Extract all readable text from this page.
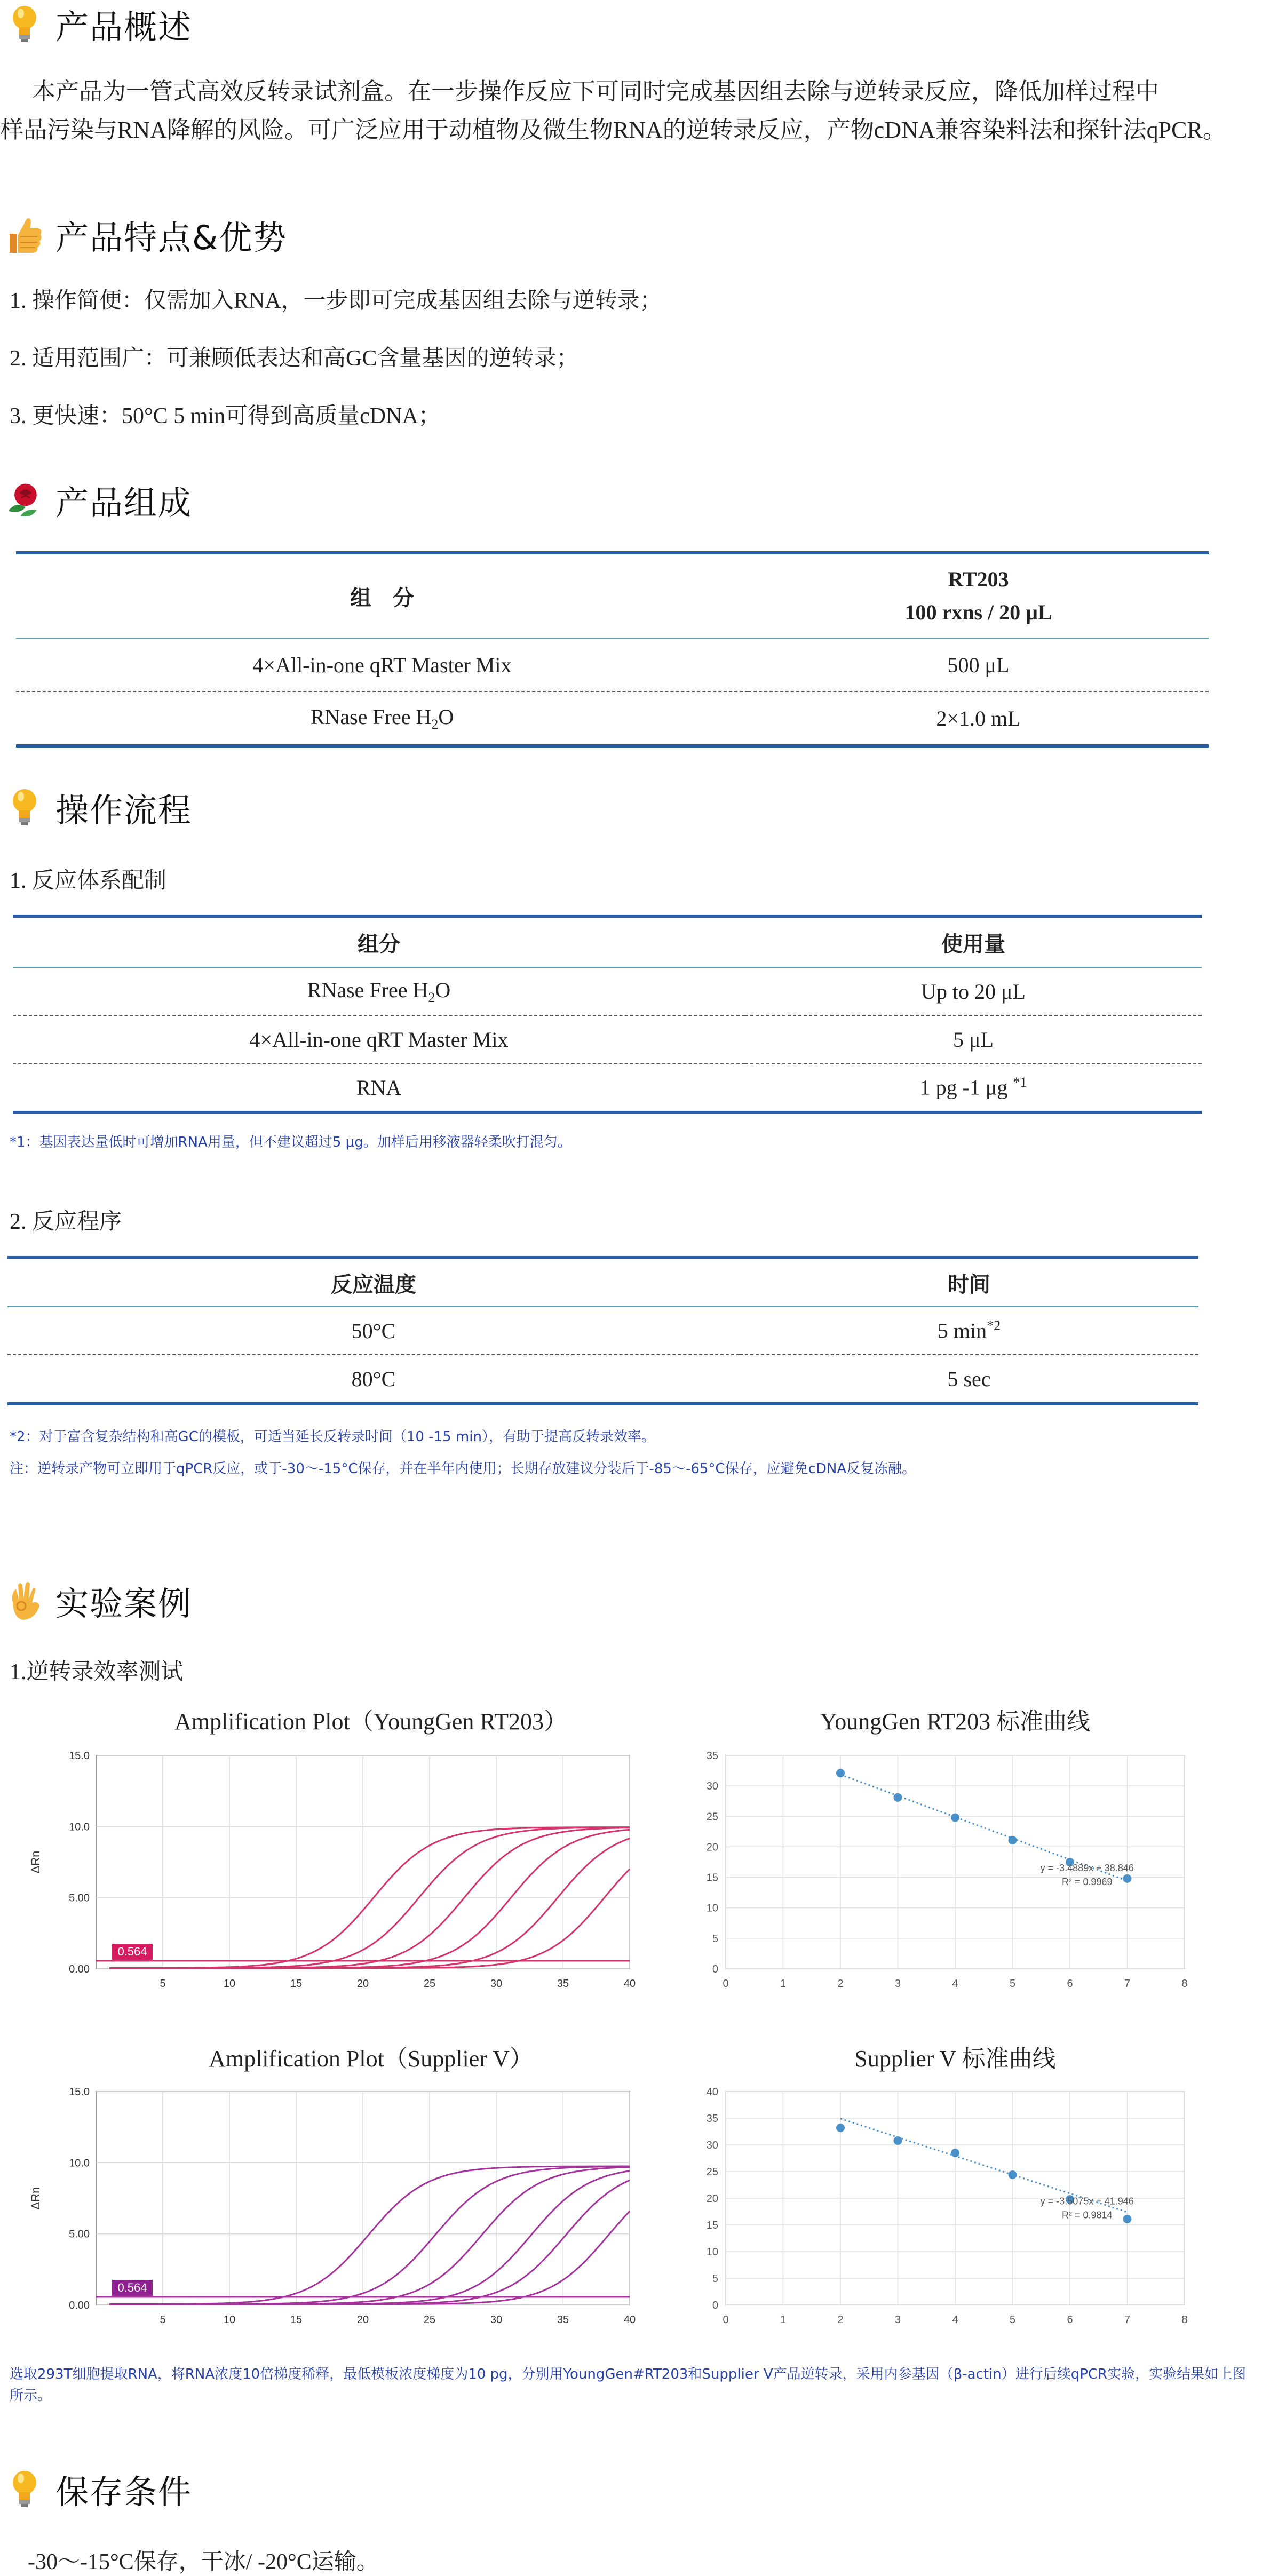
产品概述
本产品为一管式高效反转录试剂盒。在一步操作反应下可同时完成基因组去除与逆转录反应，降低加样过程中
样品污染与RNA降解的风险。可广泛应用于动植物及微生物RNA的逆转录反应，产物cDNA兼容染料法和探针法qPCR。
产品特点&优势
1. 操作简便：仅需加入RNA，一步即可完成基因组去除与逆转录；
2. 适用范围广：可兼顾低表达和高GC含量基因的逆转录；
3. 更快速：50°C 5 min可得到高质量cDNA；
产品组成
组　分	RT203
100 rxns / 20 μL

4×All-in-one qRT Master Mix	500 μL
RNase Free $H_2O$	2×1.0 mL
操作流程
1. 反应体系配制
组分	使用量
RNase Free $H_2O$	Up to 20 μL
4×All-in-one qRT Master Mix	5 μL
RNA	1 pg -1 μg $^{*1}$
*1：基因表达量低时可增加RNA用量，但不建议超过5 μg。加样后用移液器轻柔吹打混匀。
2. 反应程序
反应温度	时间
50°C	5 $\min^{*2}$
80°C	5 sec
*2：对于富含复杂结构和高GC的模板，可适当延长反转录时间（10 -15 min），有助于提高反转录效率。
注：逆转录产物可立即用于qPCR反应，或于-30～-15°C保存，并在半年内使用；长期存放建议分装后于-85～-65°C保存，应避免cDNA反复冻融。
实验案例
1.逆转录效率测试
Amplification Plot（YoungGen RT203）	YoungGen RT203 标准曲线
Amplification Plot（Supplier V）	Supplier V 标准曲线
5	10	15	20	25	30	35	40
0.00
5.00
10.0
15.0
ΔRn
0.564
0	1	2	3	4	5	6	7	8
0
5
10
15
20
25
30
35
y = -3.4889x + 38.846
R² = 0.9969
5	10	15	20	25	30	35	40
0.00
5.00
10.0
15.0
ΔRn
0.564
0	1	2	3	4	5	6	7	8
0
5
10
15
20
25
30
35
40
y = -3.5075x + 41.946
R² = 0.9814
选取293T细胞提取RNA，将RNA浓度10倍梯度稀释，最低模板浓度梯度为10 pg，分别用YoungGen#RT203和Supplier V产品逆转录，采用内参基因（β-actin）进行后续qPCR实验，实验结果如上图所示。
保存条件
-30～-15°C保存，干冰/ -20°C运输。
